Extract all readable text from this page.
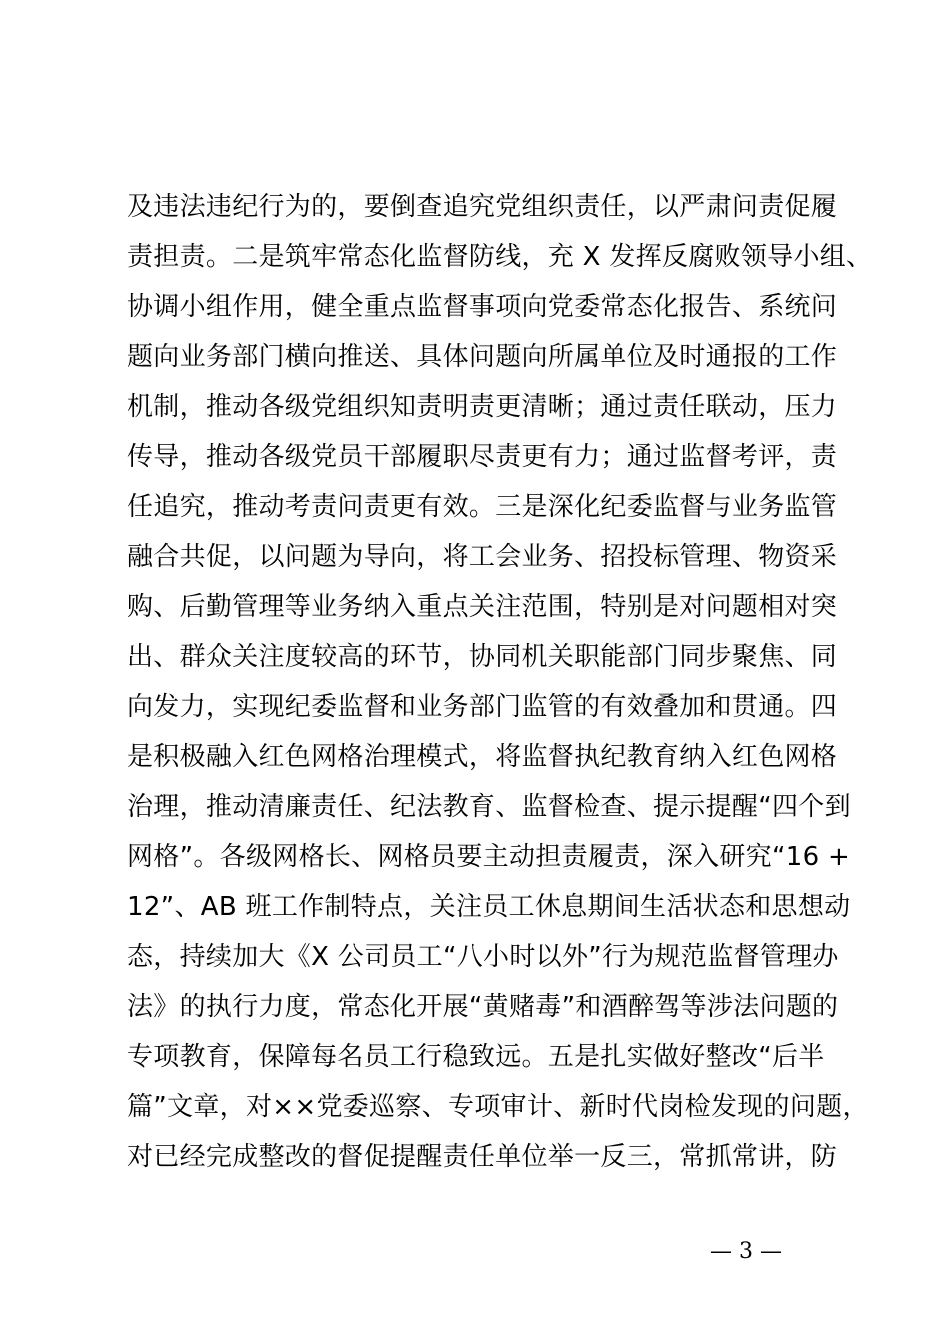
及违法违纪行为的，要倒查追究党组织责任，以严肃问责促履
责担责。二是筑牢常态化监督防线，充 X 发挥反腐败领导小组、
协调小组作用，健全重点监督事项向党委常态化报告、系统问
题向业务部门横向推送、具体问题向所属单位及时通报的工作
机制，推动各级党组织知责明责更清晰；通过责任联动，压力
传导，推动各级党员干部履职尽责更有力；通过监督考评，责
任追究，推动考责问责更有效。三是深化纪委监督与业务监管
融合共促，以问题为导向，将工会业务、招投标管理、物资采
购、后勤管理等业务纳入重点关注范围，特别是对问题相对突
出、群众关注度较高的环节，协同机关职能部门同步聚焦、同
向发力，实现纪委监督和业务部门监管的有效叠加和贯通。四
是积极融入红色网格治理模式，将监督执纪教育纳入红色网格
治理，推动清廉责任、纪法教育、监督检查、提示提醒“四个到
网格”。各级网格长、网格员要主动担责履责，深入研究“16 +
12”、AB 班工作制特点，关注员工休息期间生活状态和思想动
态，持续加大《X 公司员工“八小时以外”行为规范监督管理办
法》的执行力度，常态化开展“黄赌毒”和酒醉驾等涉法问题的
专项教育，保障每名员工行稳致远。五是扎实做好整改“后半
篇”文章，对××党委巡察、专项审计、新时代岗检发现的问题，
对已经完成整改的督促提醒责任单位举一反三，常抓常讲，防
— 3 —
